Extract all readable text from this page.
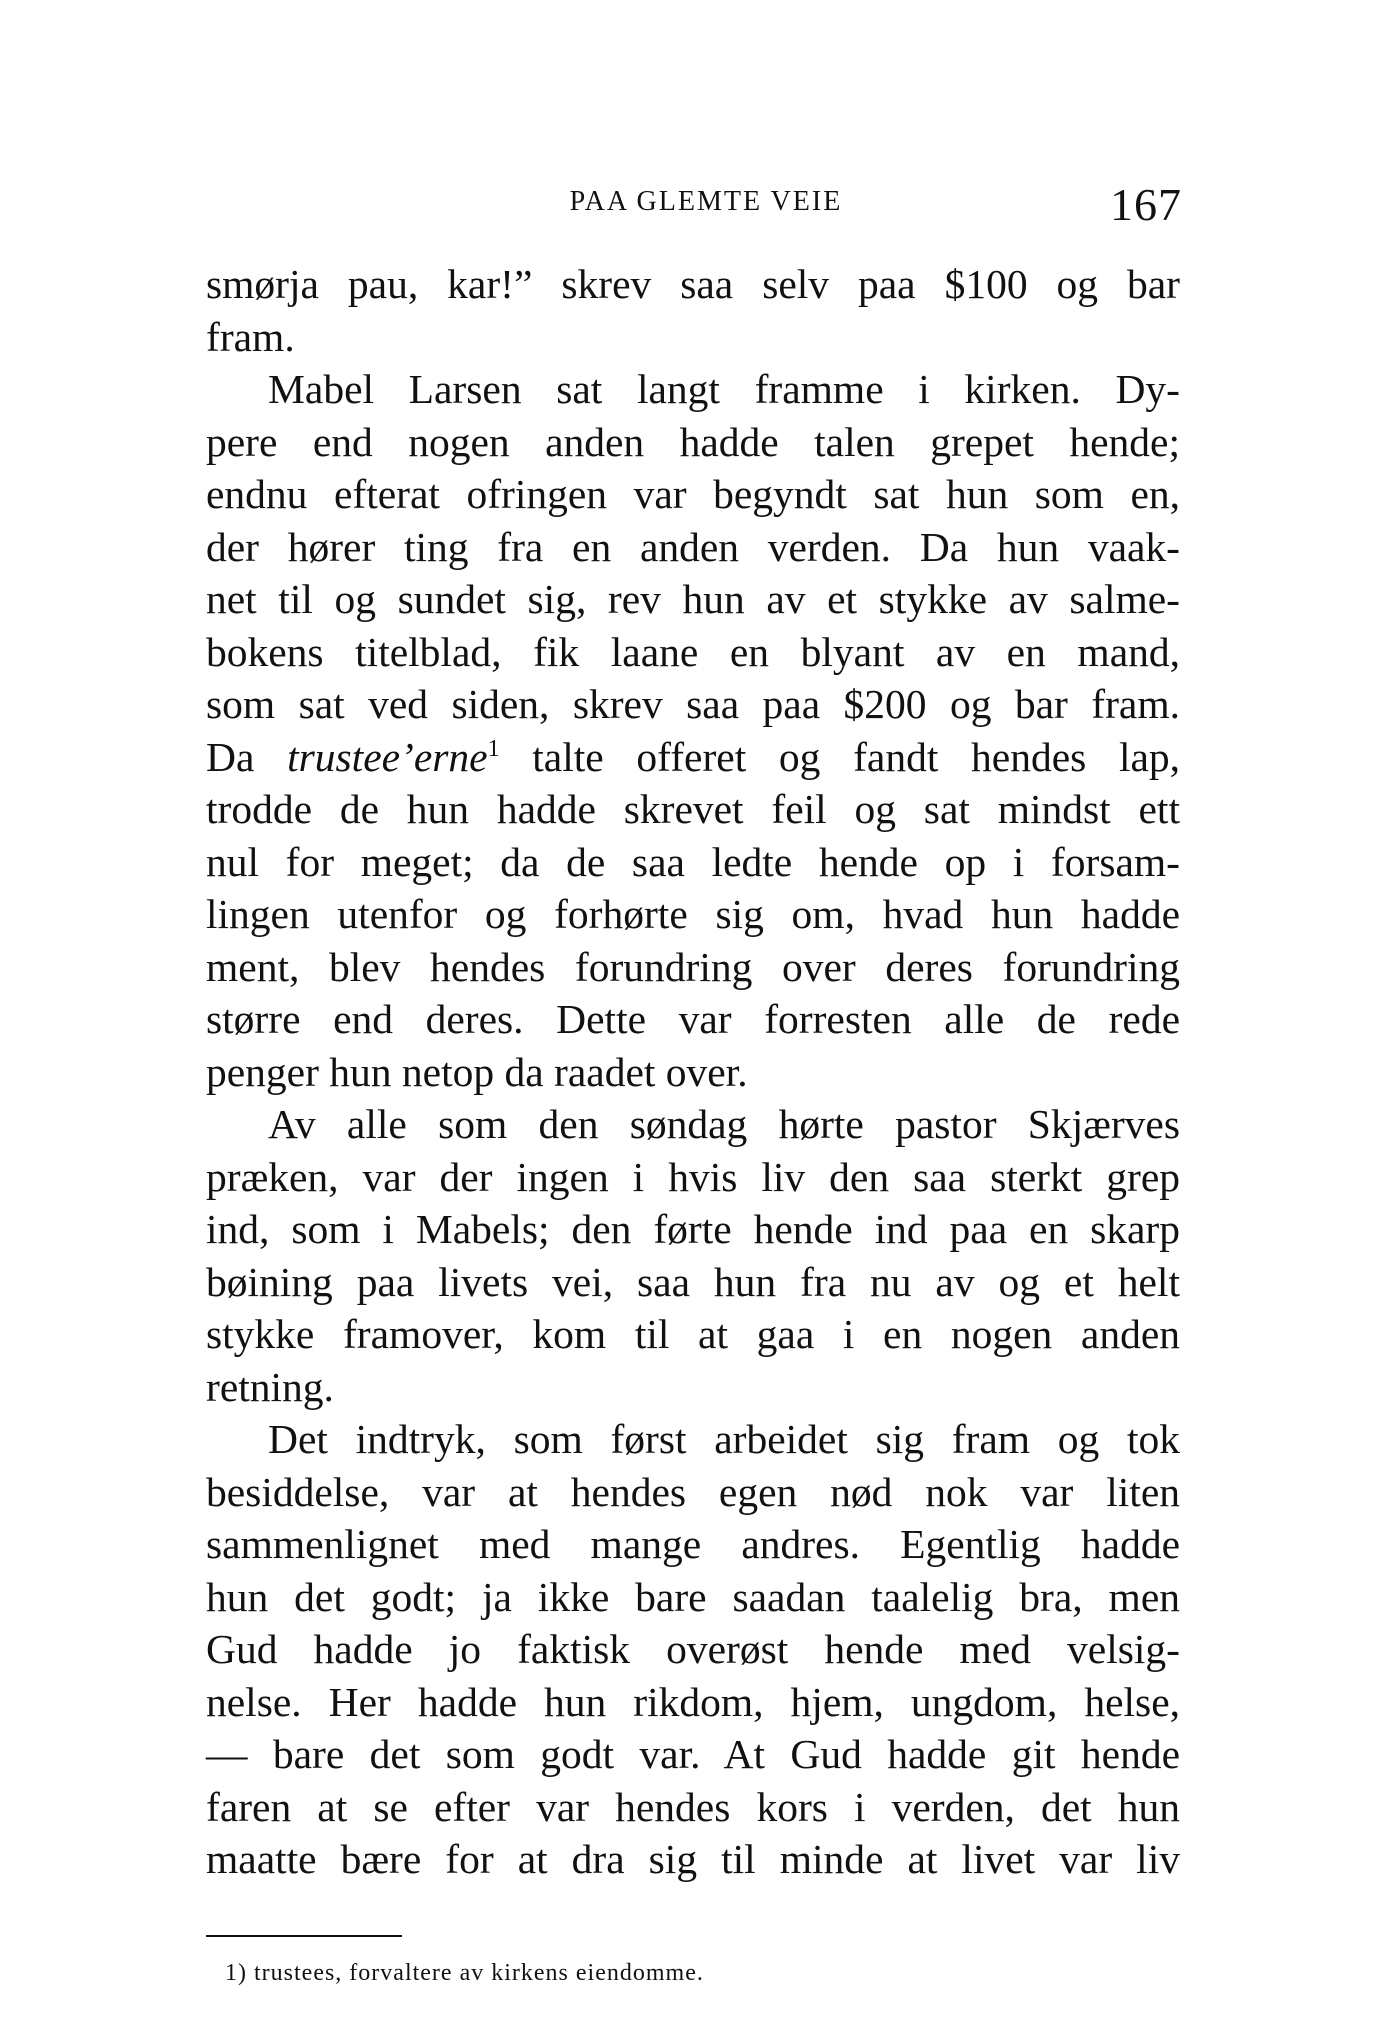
PAA GLEMTE VEIE	167
smørja pau, kar!” skrev saa selv paa $100 og bar
fram.
Mabel Larsen sat langt framme i kirken. Dy-
pere end nogen anden hadde talen grepet hende;
endnu efterat ofringen var begyndt sat hun som en,
der hører ting fra en anden verden. Da hun vaak-
net til og sundet sig, rev hun av et stykke av salme-
bokens titelblad, fik laane en blyant av en mand,
som sat ved siden, skrev saa paa $200 og bar fram.
Da trustee’erne$^1$ talte offeret og fandt hendes lap,
trodde de hun hadde skrevet feil og sat mindst ett
nul for meget; da de saa ledte hende op i forsam-
lingen utenfor og forhørte sig om, hvad hun hadde
ment, blev hendes forundring over deres forundring
større end deres. Dette var forresten alle de rede
penger hun netop da raadet over.
Av alle som den søndag hørte pastor Skjærves
præken, var der ingen i hvis liv den saa sterkt grep
ind, som i Mabels; den førte hende ind paa en skarp
bøining paa livets vei, saa hun fra nu av og et helt
stykke framover, kom til at gaa i en nogen anden
retning.
Det indtryk, som først arbeidet sig fram og tok
besiddelse, var at hendes egen nød nok var liten
sammenlignet med mange andres. Egentlig hadde
hun det godt; ja ikke bare saadan taalelig bra, men
Gud hadde jo faktisk overøst hende med velsig-
nelse. Her hadde hun rikdom, hjem, ungdom, helse,
— bare det som godt var. At Gud hadde git hende
faren at se efter var hendes kors i verden, det hun
maatte bære for at dra sig til minde at livet var liv
1) trustees, forvaltere av kirkens eiendomme.
